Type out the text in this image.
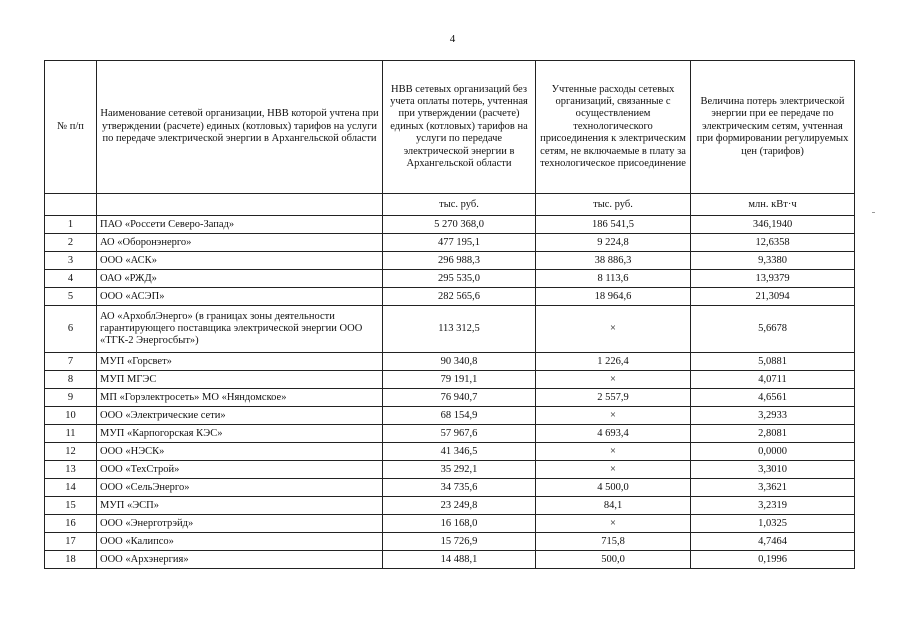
4
№ п/п	Наименование сетевой организации, НВВ которой учтена при утверждении (расчете) единых (котловых) тарифов на услуги по передаче электрической энергии в Архангельской области	НВВ сетевых организаций без учета оплаты потерь, учтенная при утверждении (расчете) единых (котловых) тарифов на услуги по передаче электрической энергии в Архангельской области	Учтенные расходы сетевых организаций, связанные с осуществлением технологического присоединения к электрическим сетям, не включаемые в плату за технологическое присоединение	Величина потерь электрической энергии при ее передаче по электрическим сетям, учтенная при формировании регулируемых цен (тарифов)
		тыс. руб.	тыс. руб.	млн. кВт·ч
1	ПАО «Россети Северо-Запад»	5 270 368,0	186 541,5	346,1940
2	АО «Оборонэнерго»	477 195,1	9 224,8	12,6358
3	ООО «АСК»	296 988,3	38 886,3	9,3380
4	ОАО «РЖД»	295 535,0	8 113,6	13,9379
5	ООО «АСЭП»	282 565,6	18 964,6	21,3094
6	АО «АрхоблЭнерго» (в границах зоны деятельности гарантирующего поставщика электрической энергии ООО «ТГК-2 Энергосбыт»)	113 312,5	×	5,6678
7	МУП «Горсвет»	90 340,8	1 226,4	5,0881
8	МУП МГЭС	79 191,1	×	4,0711
9	МП «Горэлектросеть» МО «Няндомское»	76 940,7	2 557,9	4,6561
10	ООО «Электрические сети»	68 154,9	×	3,2933
11	МУП «Карпогорская КЭС»	57 967,6	4 693,4	2,8081
12	ООО «НЭСК»	41 346,5	×	0,0000
13	ООО «ТехСтрой»	35 292,1	×	3,3010
14	ООО «СельЭнерго»	34 735,6	4 500,0	3,3621
15	МУП «ЭСП»	23 249,8	84,1	3,2319
16	ООО «Энерготрэйд»	16 168,0	×	1,0325
17	ООО «Калипсо»	15 726,9	715,8	4,7464
18	ООО «Архэнергия»	14 488,1	500,0	0,1996
